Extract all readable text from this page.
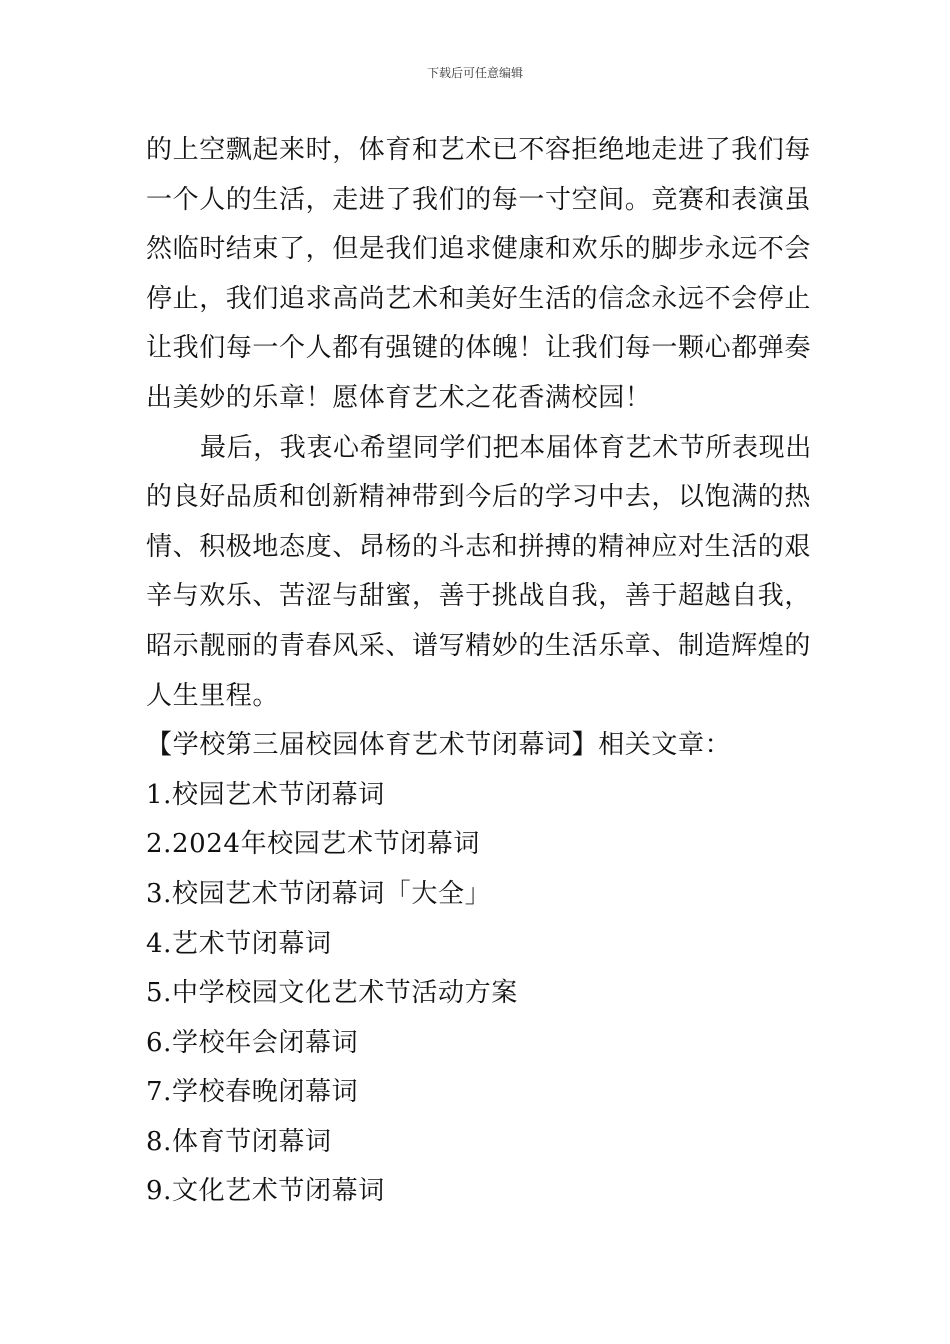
下载后可任意编辑
的上空飘起来时，体育和艺术已不容拒绝地走进了我们每
一个人的生活，走进了我们的每一寸空间。竞赛和表演虽
然临时结束了，但是我们追求健康和欢乐的脚步永远不会
停止，我们追求高尚艺术和美好生活的信念永远不会停止
让我们每一个人都有强键的体魄！让我们每一颗心都弹奏
出美妙的乐章！愿体育艺术之花香满校园！
最后，我衷心希望同学们把本届体育艺术节所表现出
的良好品质和创新精神带到今后的学习中去，以饱满的热
情、积极地态度、昂杨的斗志和拼搏的精神应对生活的艰
辛与欢乐、苦涩与甜蜜，善于挑战自我，善于超越自我，
昭示靓丽的青春风采、谱写精妙的生活乐章、制造辉煌的
人生里程。
【学校第三届校园体育艺术节闭幕词】相关文章：
1.校园艺术节闭幕词
2.2024年校园艺术节闭幕词
3.校园艺术节闭幕词「大全」
4.艺术节闭幕词
5.中学校园文化艺术节活动方案
6.学校年会闭幕词
7.学校春晚闭幕词
8.体育节闭幕词
9.文化艺术节闭幕词
